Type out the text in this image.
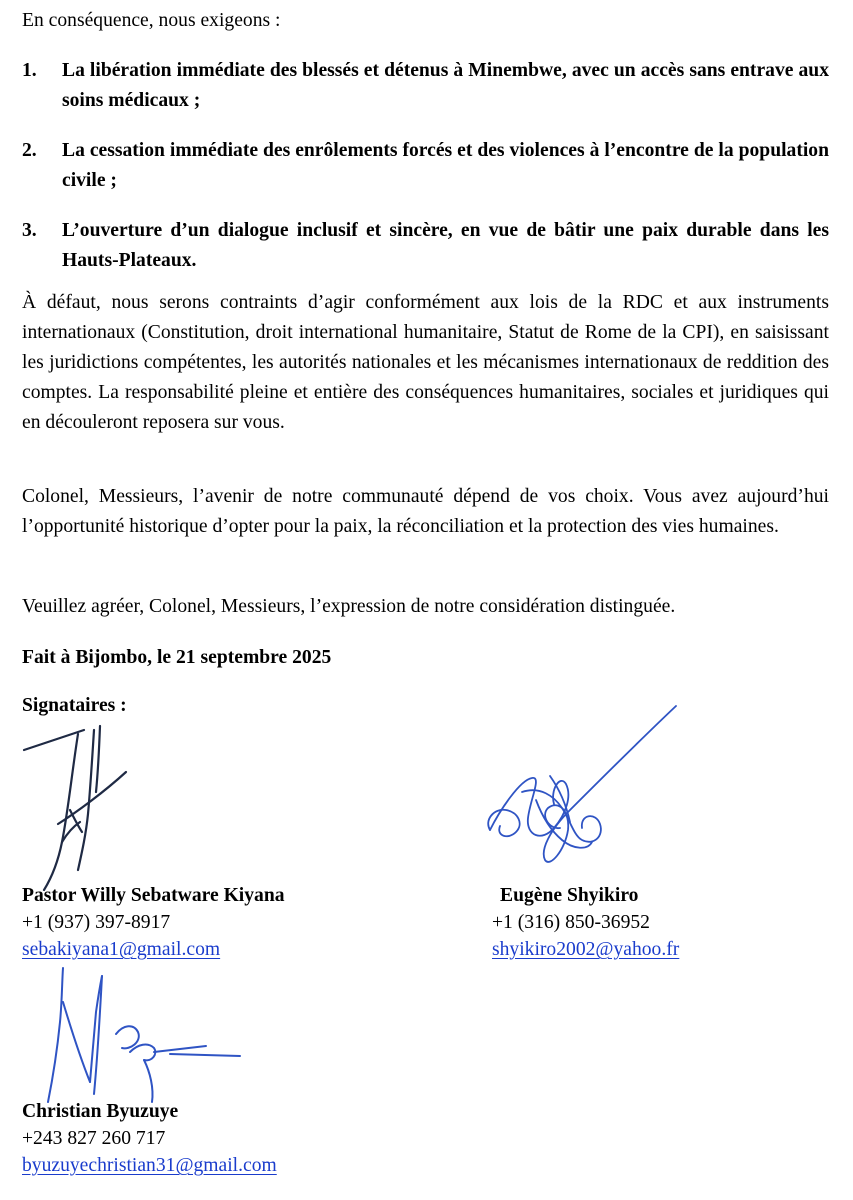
En conséquence, nous exigeons :

1. La libération immédiate des blessés et détenus à Minembwe, avec un accès sans entrave aux soins médicaux ;
2. La cessation immédiate des enrôlements forcés et des violences à l’encontre de la population civile ;
3. L’ouverture d’un dialogue inclusif et sincère, en vue de bâtir une paix durable dans les Hauts-Plateaux.

À défaut, nous serons contraints d’agir conformément aux lois de la RDC et aux instruments internationaux (Constitution, droit international humanitaire, Statut de Rome de la CPI), en saisissant les juridictions compétentes, les autorités nationales et les mécanismes internationaux de reddition des comptes. La responsabilité pleine et entière des conséquences humanitaires, sociales et juridiques qui en découleront reposera sur vous.

Colonel, Messieurs, l’avenir de notre communauté dépend de vos choix. Vous avez aujourd’hui l’opportunité historique d’opter pour la paix, la réconciliation et la protection des vies humaines.

Veuillez agréer, Colonel, Messieurs, l’expression de notre considération distinguée.

Fait à Bijombo, le 21 septembre 2025

Signataires :

Pastor Willy Sebatware Kiyana
+1 (937) 397-8917
sebakiyana1@gmail.com
Eugène Shyikiro
+1 (316) 850-36952
shyikiro2002@yahoo.fr
Christian Byuzuye
+243 827 260 717
byuzuyechristian31@gmail.com
